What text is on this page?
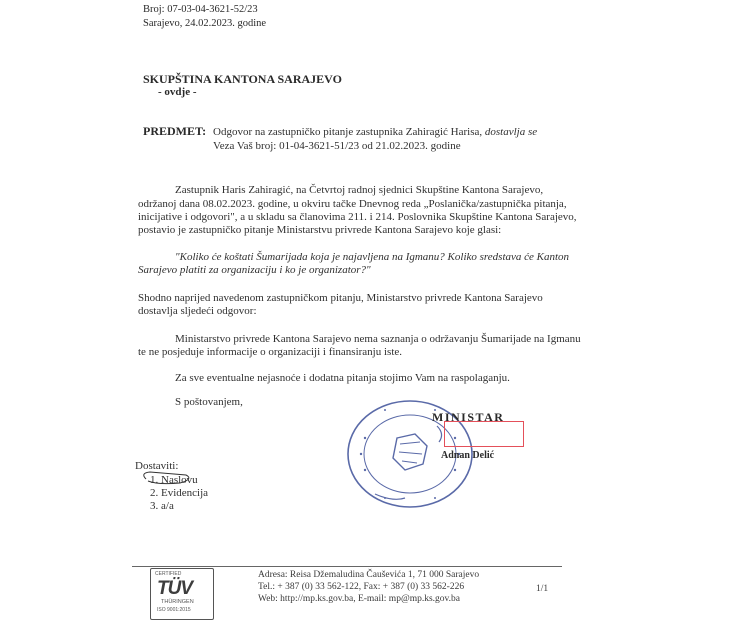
Broj: 07-03-04-3621-52/23
Sarajevo, 24.02.2023. godine
SKUPŠTINA KANTONA SARAJEVO
- ovdje -
PREDMET: Odgovor na zastupničko pitanje zastupnika Zahiragić Harisa, dostavlja se
Veza Vaš broj: 01-04-3621-51/23 od 21.02.2023. godine
Zastupnik Haris Zahiragić, na Četvrtoj radnoj sjednici Skupštine Kantona Sarajevo,
održanoj dana 08.02.2023. godine, u okviru tačke Dnevnog reda „Poslanička/zastupnička pitanja,
inicijative i odgovori", a u skladu sa članovima 211. i 214. Poslovnika Skupštine Kantona Sarajevo,
postavio je zastupničko pitanje Ministarstvu privrede Kantona Sarajevo koje glasi:
"Koliko će koštati Šumarijada koja je najavljena na Igmanu? Koliko sredstava će Kanton
Sarajevo platiti za organizaciju i ko je organizator?"
Shodno naprijed navedenom zastupničkom pitanju, Ministarstvo privrede Kantona Sarajevo
dostavlja sljedeći odgovor:
Ministarstvo privrede Kantona Sarajevo nema saznanja o održavanju Šumarijade na Igmanu
te ne posjeduje informacije o organizaciji i finansiranju iste.
Za sve eventualne nejasnoće i dodatna pitanja stojimo Vam na raspolaganju.
S poštovanjem,
MINISTAR
Adnan Delić
Dostaviti:
1. Naslovu
2. Evidencija
3. a/a
CERTIFIED
TÜV
THÜRINGEN
ISO 9001:2015
Adresa: Reisa Džemaludina Čauševića 1, 71 000 Sarajevo
Tel.: + 387 (0) 33 562-122, Fax: + 387 (0) 33 562-226
Web: http://mp.ks.gov.ba, E-mail: mp@mp.ks.gov.ba
1/1
